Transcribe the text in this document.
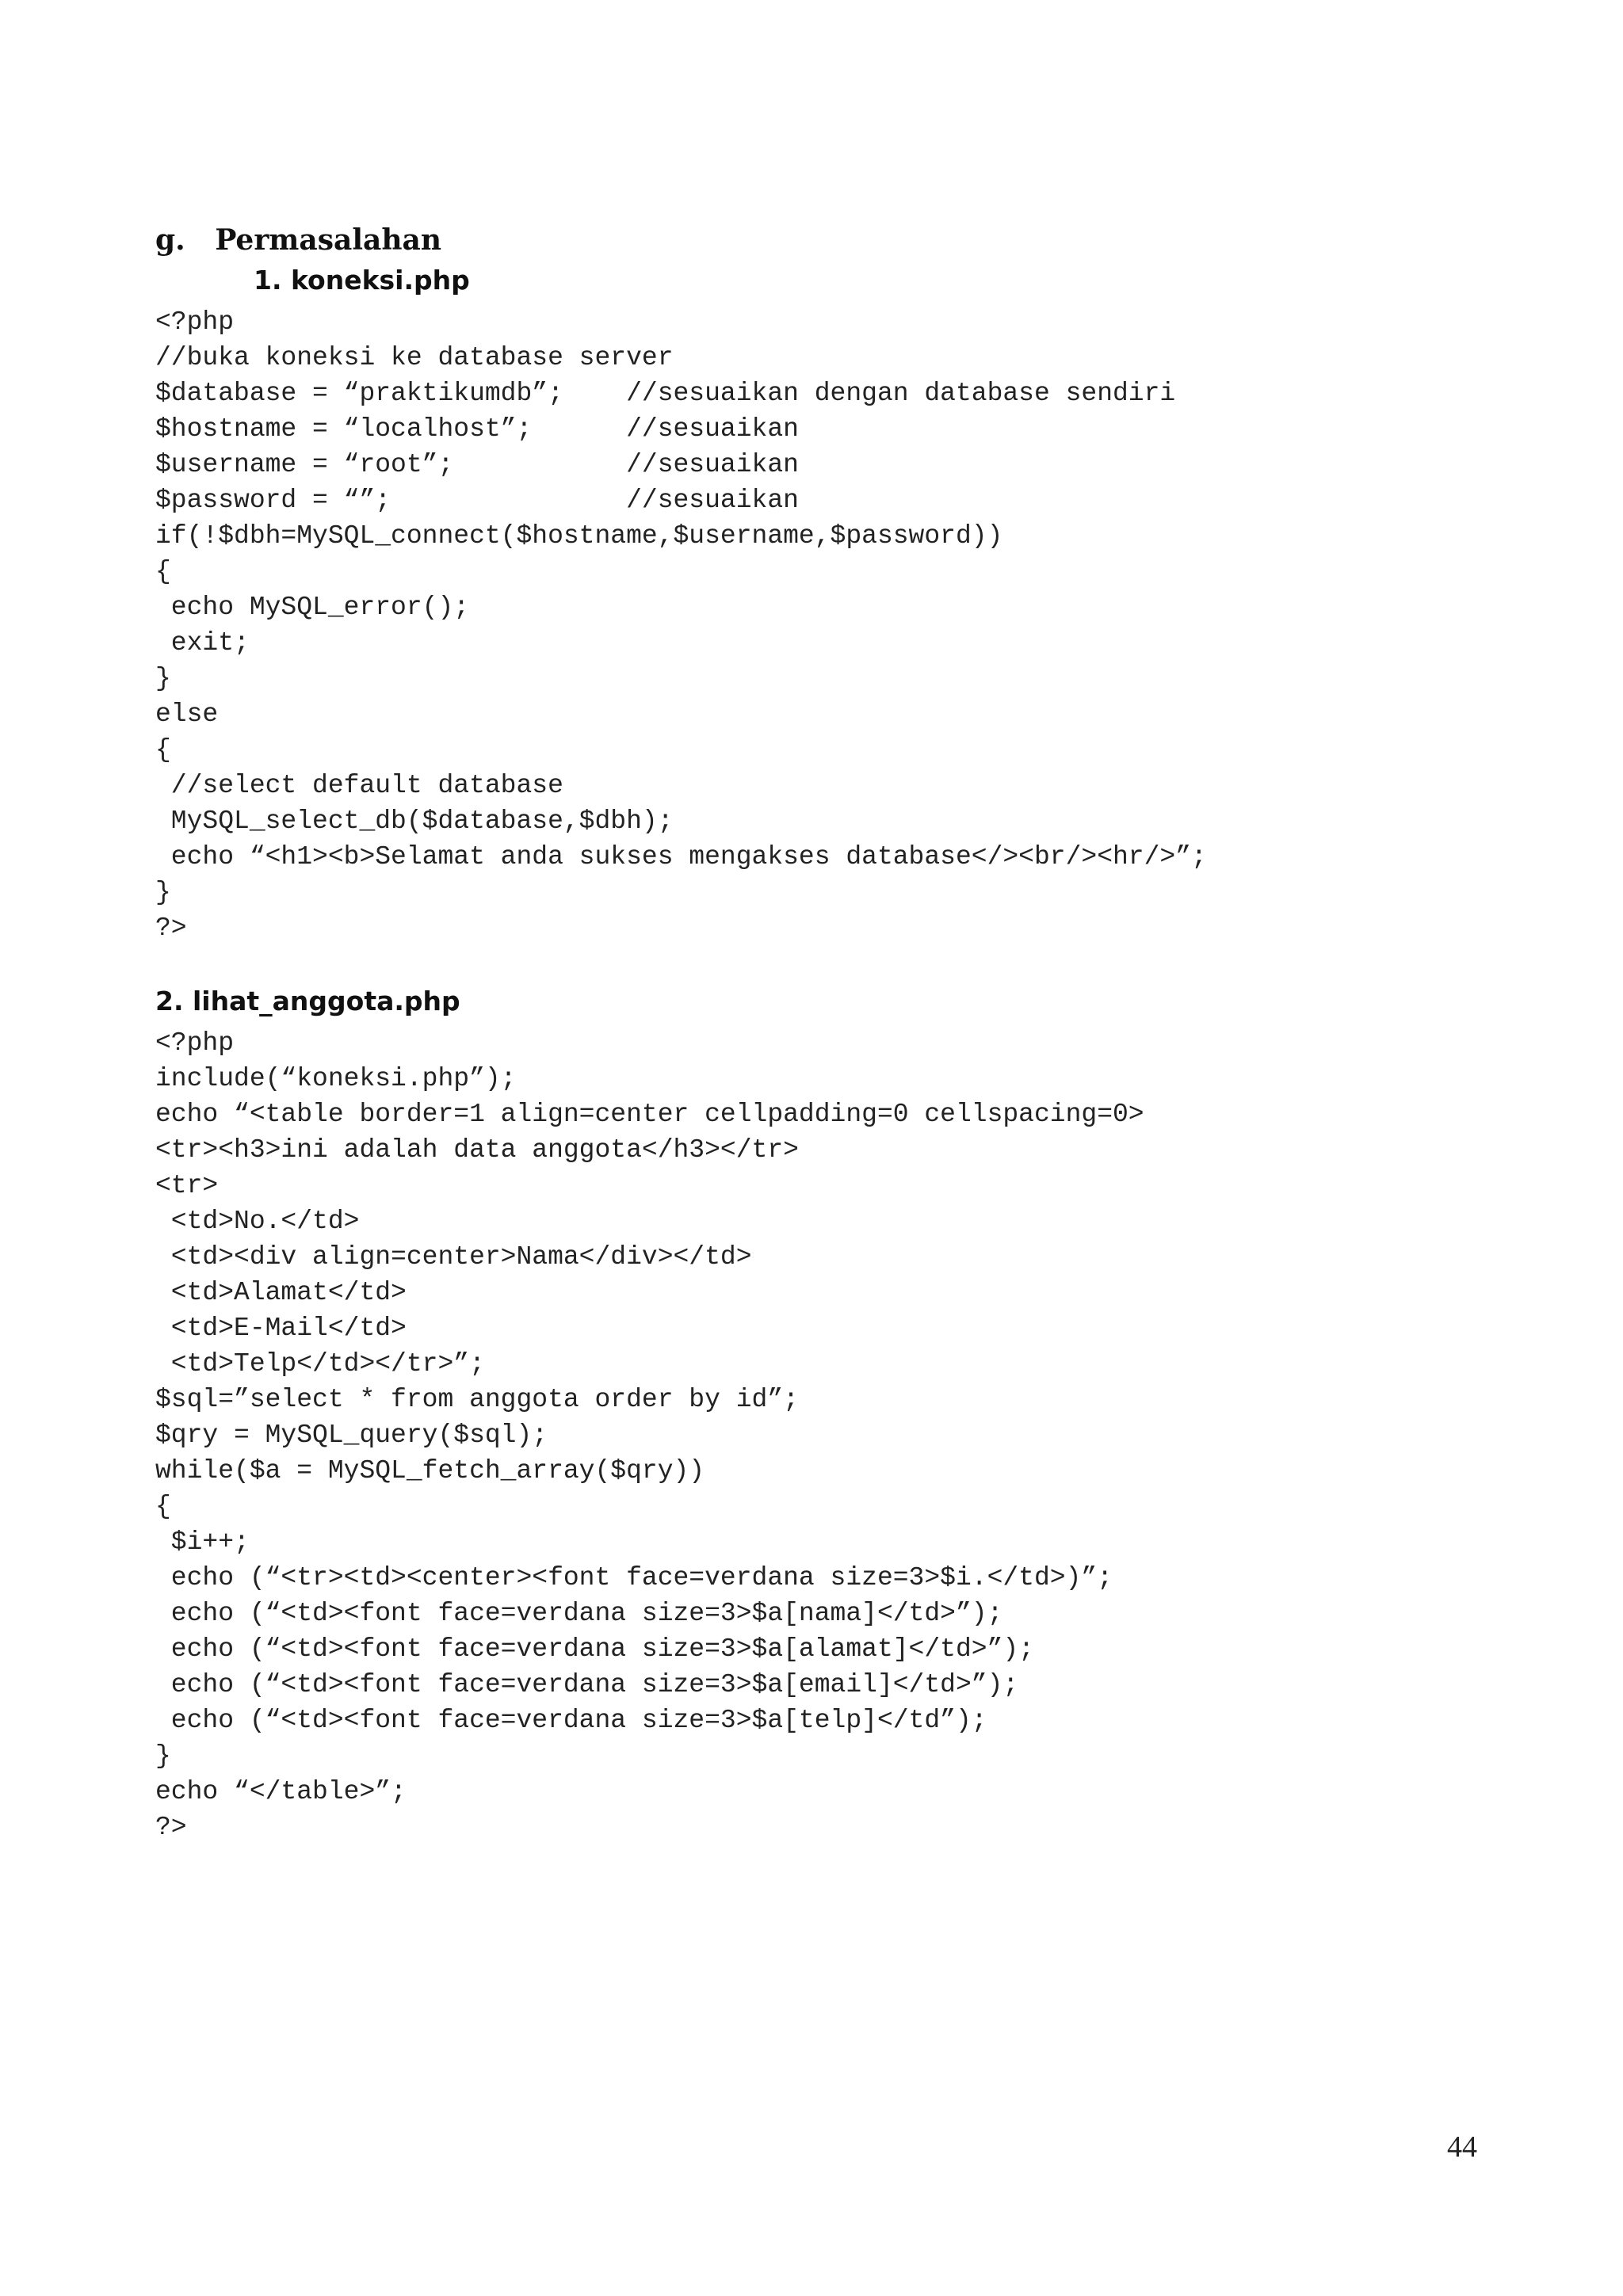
g. Permasalahan
1. koneksi.php
<?php
//buka koneksi ke database server
$database = “praktikumdb”;    //sesuaikan dengan database sendiri
$hostname = “localhost”;      //sesuaikan
$username = “root”;           //sesuaikan
$password = “”;               //sesuaikan
if(!$dbh=MySQL_connect($hostname,$username,$password))
{
echo MySQL_error();
exit;
}
else
{
//select default database
MySQL_select_db($database,$dbh);
echo “<h1><b>Selamat anda sukses mengakses database</><br/><hr/>”;
}
?>
2. lihat_anggota.php
<?php
include(“koneksi.php”);
echo “<table border=1 align=center cellpadding=0 cellspacing=0>
<tr><h3>ini adalah data anggota</h3></tr>
<tr>
<td>No.</td>
<td><div align=center>Nama</div></td>
<td>Alamat</td>
<td>E-Mail</td>
<td>Telp</td></tr>”;
$sql=”select * from anggota order by id”;
$qry = MySQL_query($sql);
while($a = MySQL_fetch_array($qry))
{
$i++;
echo (“<tr><td><center><font face=verdana size=3>$i.</td>)”;
echo (“<td><font face=verdana size=3>$a[nama]</td>”);
echo (“<td><font face=verdana size=3>$a[alamat]</td>”);
echo (“<td><font face=verdana size=3>$a[email]</td>”);
echo (“<td><font face=verdana size=3>$a[telp]</td”);
}
echo “</table>”;
?>
44
